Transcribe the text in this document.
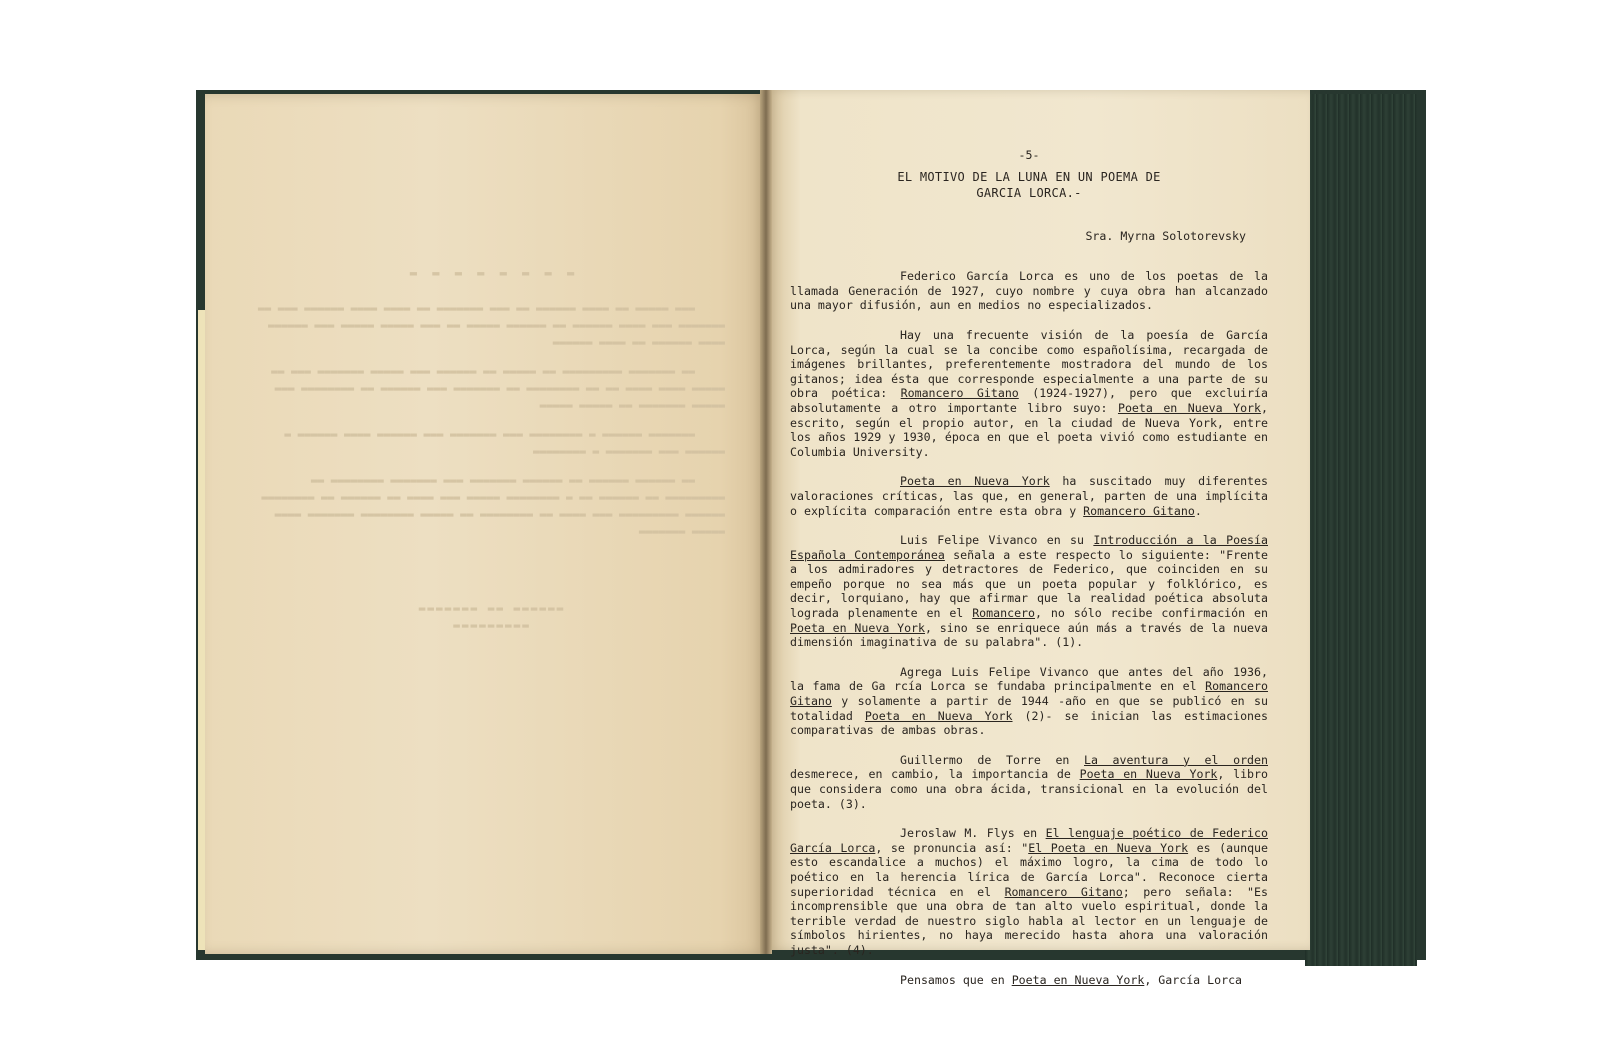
▬ ▬ ▬ ▬ ▬ ▬ ▬ ▬
▬▬▬ ▬▬▬▬▬ ▬▬ ▬▬▬▬ ▬▬▬▬▬▬ ▬▬ ▬▬▬ ▬▬▬▬▬▬▬ ▬▬ ▬▬▬▬ ▬▬▬▬ ▬▬▬▬▬▬ ▬▬▬ ▬▬ ▬▬▬▬▬▬▬ ▬▬▬ ▬▬▬▬ ▬▬▬▬▬▬ ▬▬ ▬▬▬▬▬▬ ▬▬▬▬▬ ▬▬ ▬▬▬ ▬▬▬▬▬ ▬▬▬▬▬ ▬▬▬ ▬▬▬▬▬▬ ▬▬▬▬ ▬▬▬▬▬▬ ▬▬ ▬▬▬▬ ▬▬▬▬▬▬
▬▬ ▬▬▬▬▬▬▬ ▬▬▬▬▬▬▬▬▬ ▬▬ ▬▬▬▬▬ ▬▬ ▬▬▬▬▬▬ ▬▬▬ ▬▬▬▬▬ ▬▬▬▬▬▬▬ ▬▬▬ ▬▬ ▬▬▬▬▬ ▬▬▬▬ ▬▬▬▬ ▬▬ ▬▬ ▬▬▬▬▬▬▬▬ ▬▬ ▬▬▬▬▬▬▬ ▬▬▬ ▬▬▬▬▬▬ ▬▬ ▬▬▬▬▬▬▬▬ ▬▬▬ ▬▬▬▬▬ ▬▬▬▬▬▬▬ ▬▬ ▬▬▬▬▬ ▬▬▬▬▬
▬▬▬▬▬▬▬ ▬▬▬▬▬▬ ▬ ▬▬▬▬▬▬▬▬ ▬▬▬ ▬▬▬▬▬▬▬ ▬▬▬ ▬▬▬▬▬▬ ▬▬▬▬ ▬▬▬▬▬▬ ▬ ▬▬▬▬▬▬ ▬▬▬ ▬▬▬▬▬▬▬ ▬ ▬▬▬▬▬▬▬▬
▬▬ ▬▬▬▬▬▬ ▬▬▬▬▬▬ ▬▬ ▬▬▬▬▬▬ ▬▬▬▬▬▬▬ ▬▬▬ ▬▬▬▬▬▬▬ ▬▬▬▬▬▬▬▬ ▬▬ ▬▬▬▬▬▬▬▬▬ ▬▬ ▬▬▬▬▬▬ ▬▬ ▬ ▬▬▬▬▬▬▬▬ ▬▬▬▬▬ ▬▬▬ ▬▬▬▬ ▬▬ ▬▬▬▬▬▬ ▬▬ ▬▬▬▬▬▬▬▬ ▬▬▬▬▬▬ ▬▬▬▬▬▬▬▬▬ ▬▬▬ ▬▬▬▬ ▬▬ ▬▬▬▬▬▬▬▬ ▬▬ ▬▬▬▬▬ ▬▬▬▬▬▬▬▬ ▬▬▬▬▬▬▬ ▬▬▬▬ ▬▬▬▬▬ ▬▬▬▬▬▬▬
▬▬▬▬▬▬ ▬▬ ▬▬▬▬▬▬▬
▬▬▬▬▬▬▬▬▬
-5-
EL MOTIVO DE LA LUNA EN UN POEMA DE
GARCIA LORCA.-
Sra. Myrna Solotorevsky

Federico García Lorca es uno de los poetas de la llamada Generación de 1927, cuyo nombre y cuya obra han alcanzado una mayor difusión, aun en medios no especializados.

Hay una frecuente visión de la poesía de García Lorca, según la cual se la concibe como españolísima, recargada de imágenes brillantes, preferentemente mostradora del mundo de los gitanos; idea ésta que corresponde especialmente a una parte de su obra poética: Romancero Gitano (1924-1927), pero que excluiría absolutamente a otro importante libro suyo: Poeta en Nueva York, escrito, según el propio autor, en la ciudad de Nueva York, entre los años 1929 y 1930, época en que el poeta vivió como estudiante en Columbia University.

Poeta en Nueva York ha suscitado muy diferentes valoraciones críticas, las que, en general, parten de una implícita o explícita comparación entre esta obra y Romancero Gitano.

Luis Felipe Vivanco en su Introducción a la Poesía Española Contemporánea señala a este respecto lo siguiente: "Frente a los admiradores y detractores de Federico, que coinciden en su empeño porque no sea más que un poeta popular y folklórico, es decir, lorquiano, hay que afirmar que la realidad poética absoluta lograda plenamente en el Romancero, no sólo recibe confirmación en Poeta en Nueva York, sino se enriquece aún más a través de la nueva dimensión imaginativa de su palabra". (1).

Agrega Luis Felipe Vivanco que antes del año 1936, la fama de Ga rcía Lorca se fundaba principalmente en el Romancero Gitano y solamente a partir de 1944 -año en que se publicó en su totalidad Poeta en Nueva York (2)- se inician las estimaciones comparativas de ambas obras.

Guillermo de Torre en La aventura y el orden desmerece, en cambio, la importancia de Poeta en Nueva York, libro que considera como una obra ácida, transicional en la evolución del poeta. (3).

Jeroslaw M. Flys en El lenguaje poético de Federico García Lorca, se pronuncia así: "El Poeta en Nueva York es (aunque esto escandalice a muchos) el máximo logro, la cima de todo lo poético en la herencia lírica de García Lorca". Reconoce cierta superioridad técnica en el Romancero Gitano; pero señala: "Es incomprensible que una obra de tan alto vuelo espiritual, donde la terrible verdad de nuestro siglo habla al lector en un lenguaje de símbolos hirientes, no haya merecido hasta ahora una valoración justa". (4).

Pensamos que en Poeta en Nueva York, García Lorca
